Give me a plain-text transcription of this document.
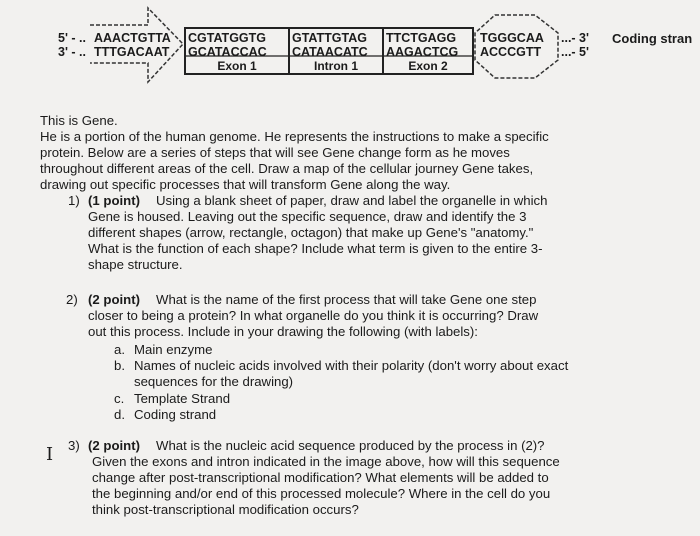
5' - ..
3' - ..
AAACTGTTA CGTATGGTG GTATTGTAG TTCTGAGG TGGGCAA
TTTGACAAT GCATACCAC CATAACATC AAGACTCG ACCCGTT
...- 3'
...- 5'
Coding stran
Exon 1	Intron 1	Exon 2
This is Gene.
He is a portion of the human genome. He represents the instructions to make a specific
protein. Below are a series of steps that will see Gene change form as he moves
throughout different areas of the cell. Draw a map of the cellular journey Gene takes,
drawing out specific processes that will transform Gene along the way.
1) (1 point) Using a blank sheet of paper, draw and label the organelle in which
Gene is housed. Leaving out the specific sequence, draw and identify the 3
different shapes (arrow, rectangle, octagon) that make up Gene's "anatomy."
What is the function of each shape? Include what term is given to the entire 3-
shape structure.
2) (2 point) What is the name of the first process that will take Gene one step
closer to being a protein? In what organelle do you think it is occurring? Draw
out this process. Include in your drawing the following (with labels):
a. Main enzyme
b. Names of nucleic acids involved with their polarity (don't worry about exact
sequences for the drawing)
c. Template Strand
d. Coding strand
I 3) (2 point) What is the nucleic acid sequence produced by the process in (2)?
Given the exons and intron indicated in the image above, how will this sequence
change after post-transcriptional modification? What elements will be added to
the beginning and/or end of this processed molecule? Where in the cell do you
think post-transcriptional modification occurs?
